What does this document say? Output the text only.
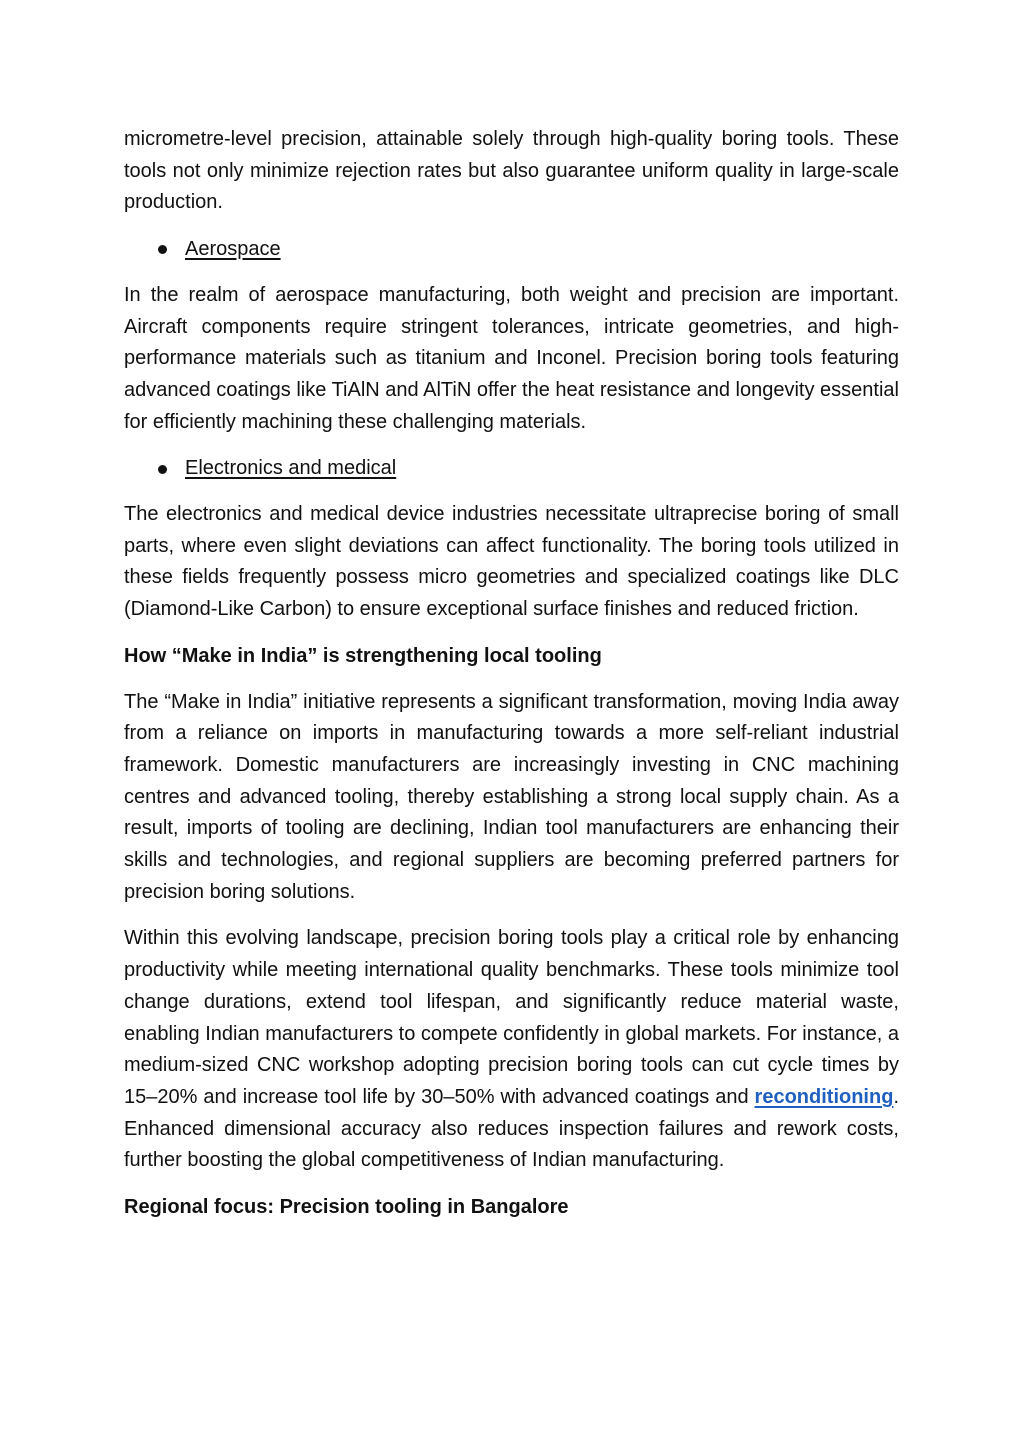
micrometre-level precision, attainable solely through high-quality boring tools. These tools not only minimize rejection rates but also guarantee uniform quality in large-scale production.

Aerospace

In the realm of aerospace manufacturing, both weight and precision are important. Aircraft components require stringent tolerances, intricate geometries, and high-performance materials such as titanium and Inconel. Precision boring tools featuring advanced coatings like TiAlN and AlTiN offer the heat resistance and longevity essential for efficiently machining these challenging materials.

Electronics and medical

The electronics and medical device industries necessitate ultraprecise boring of small parts, where even slight deviations can affect functionality. The boring tools utilized in these fields frequently possess micro geometries and specialized coatings like DLC (Diamond-Like Carbon) to ensure exceptional surface finishes and reduced friction.

How “Make in India” is strengthening local tooling

The “Make in India” initiative represents a significant transformation, moving India away from a reliance on imports in manufacturing towards a more self-reliant industrial framework. Domestic manufacturers are increasingly investing in CNC machining centres and advanced tooling, thereby establishing a strong local supply chain. As a result, imports of tooling are declining, Indian tool manufacturers are enhancing their skills and technologies, and regional suppliers are becoming preferred partners for precision boring solutions.

Within this evolving landscape, precision boring tools play a critical role by enhancing productivity while meeting international quality benchmarks. These tools minimize tool change durations, extend tool lifespan, and significantly reduce material waste, enabling Indian manufacturers to compete confidently in global markets. For instance, a medium-sized CNC workshop adopting precision boring tools can cut cycle times by 15–20% and increase tool life by 30–50% with advanced coatings and reconditioning. Enhanced dimensional accuracy also reduces inspection failures and rework costs, further boosting the global competitiveness of Indian manufacturing.

Regional focus: Precision tooling in Bangalore
